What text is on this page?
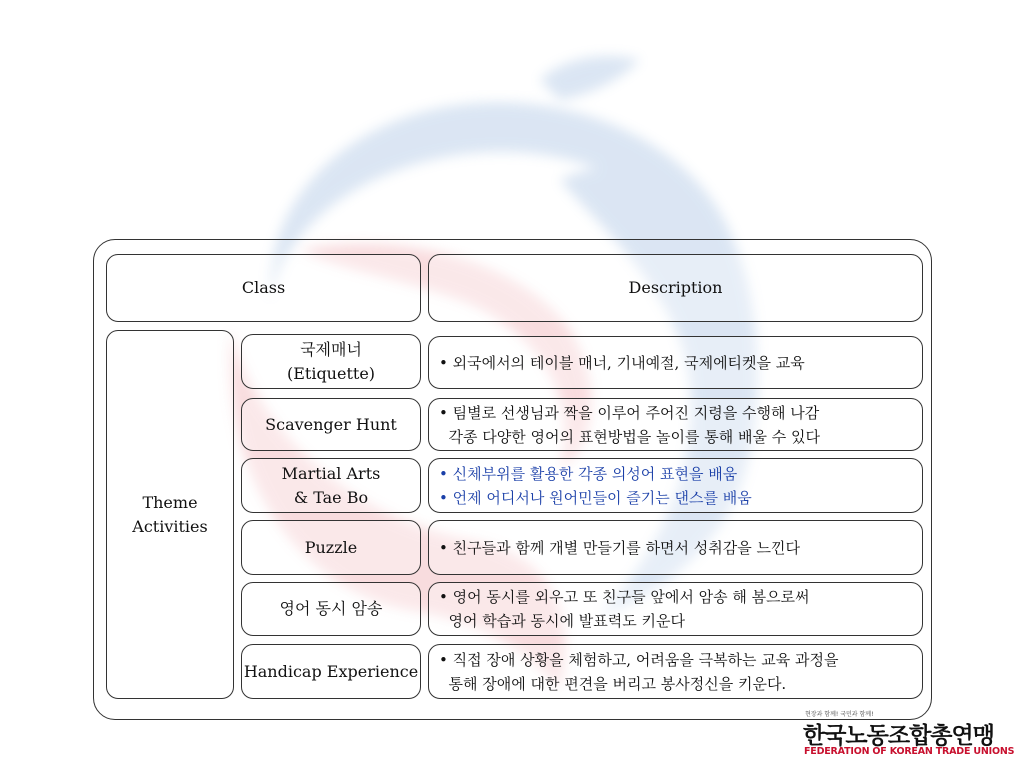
Class	Description
Theme
Activities
국제매너
(Etiquette)
• 외국에서의 테이블 매너, 기내예절, 국제에티켓을 교육
Scavenger Hunt
• 팀별로 선생님과 짝을 이루어 주어진 지령을 수행해 나감
각종 다양한 영어의 표현방법을 놀이를 통해 배울 수 있다
Martial Arts
& Tae Bo
• 신체부위를 활용한 각종 의성어 표현을 배움
• 언제 어디서나 원어민들이 즐기는 댄스를 배움
Puzzle	• 친구들과 함께 개별 만들기를 하면서 성취감을 느낀다
영어 동시 암송
• 영어 동시를 외우고 또 친구들 앞에서 암송 해 봄으로써
영어 학습과 동시에 발표력도 키운다
Handicap Experience
• 직접 장애 상황을 체험하고, 어려움을 극복하는 교육 과정을
통해 장애에 대한 편견을 버리고 봉사정신을 키운다.
현장과 함께! 국민과 함께!
한국노동조합총연맹
FEDERATION OF KOREAN TRADE UNIONS
